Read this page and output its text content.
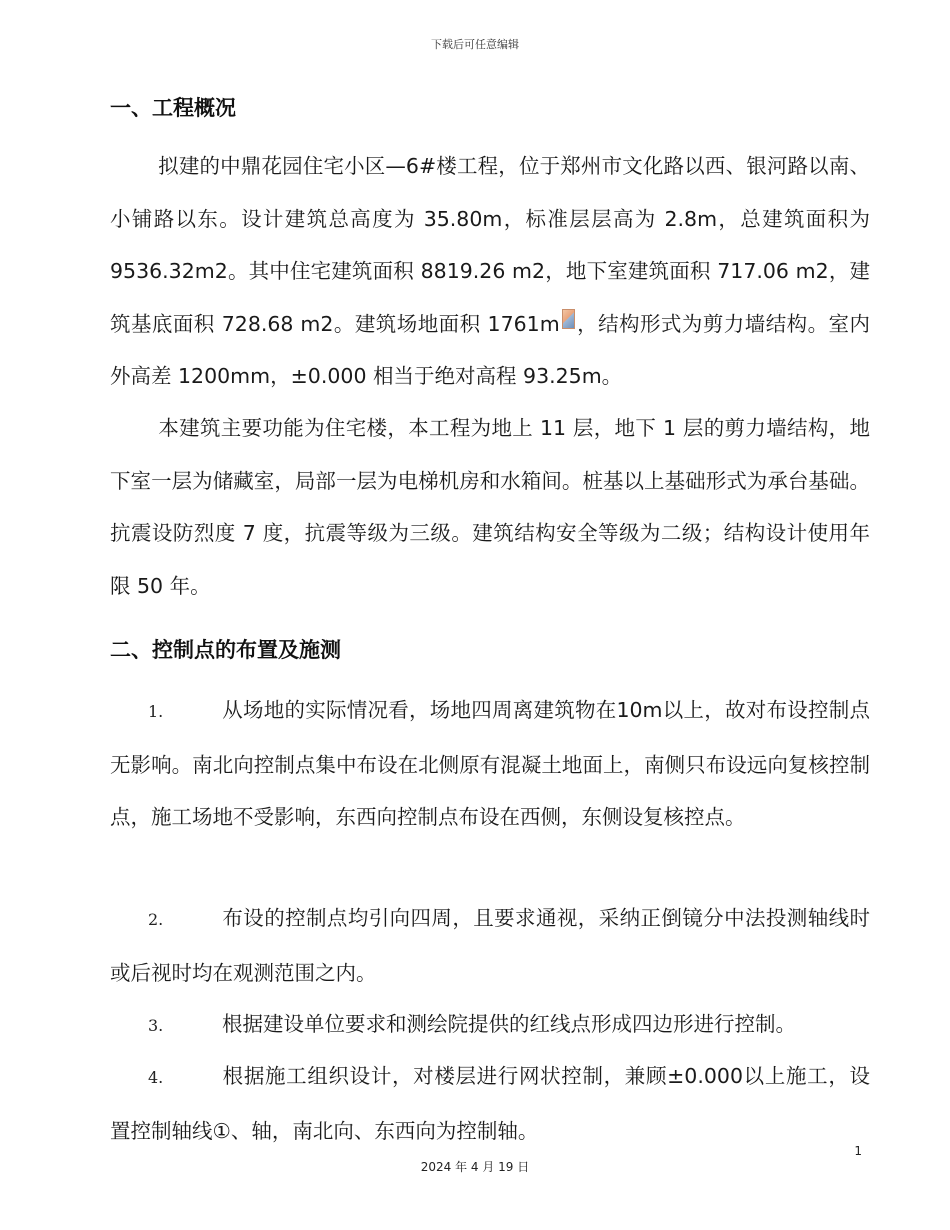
下载后可任意编辑
一、工程概况
拟建的中鼎花园住宅小区—6#楼工程，位于郑州市文化路以西、银河路以南、小铺路以东。设计建筑总高度为 35.80m，标准层层高为 2.8m，总建筑面积为 9536.32m2。其中住宅建筑面积 8819.26 m2，地下室建筑面积 717.06 m2，建筑基底面积 728.68 m2。建筑场地面积 1761m ，结构形式为剪力墙结构。室内外高差 1200mm，±0.000 相当于绝对高程 93.25m。
本建筑主要功能为住宅楼，本工程为地上 11 层，地下 1 层的剪力墙结构，地下室一层为储藏室，局部一层为电梯机房和水箱间。桩基以上基础形式为承台基础。抗震设防烈度 7 度，抗震等级为三级。建筑结构安全等级为二级；结构设计使用年限 50 年。
二、控制点的布置及施测
1.	从场地的实际情况看，场地四周离建筑物在10m以上，故对布设控制点无影响。南北向控制点集中布设在北侧原有混凝土地面上，南侧只布设远向复核控制点，施工场地不受影响，东西向控制点布设在西侧，东侧设复核控点。
2.	布设的控制点均引向四周，且要求通视，采纳正倒镜分中法投测轴线时或后视时均在观测范围之内。
3.	根据建设单位要求和测绘院提供的红线点形成四边形进行控制。
4.	根据施工组织设计，对楼层进行网状控制，兼顾±0.000以上施工，设置控制轴线①、轴，南北向、东西向为控制轴。
1
2024 年 4 月 19 日
